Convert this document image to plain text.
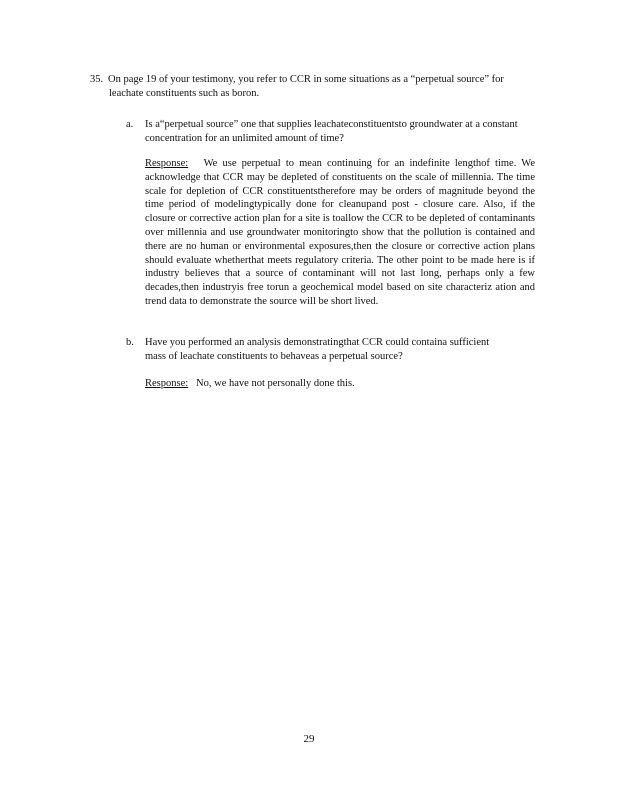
35. On page 19 of your testimony, you refer to CCR in some situations as a “perpetual source” for leachate constituents such as boron.

a. Is a“perpetual source” one that supplies leachateconstituentsto groundwater at a constant concentration for an unlimited amount of time?

Response: We use perpetual to mean continuing for an indefinite lengthof time. We acknowledge that CCR may be depleted of constituents on the scale of millennia. The time scale for depletion of CCR constituentstherefore may be orders of magnitude beyond the time period of modelingtypically done for cleanupand post - closure care. Also, if the closure or corrective action plan for a site is toallow the CCR to be depleted of contaminants over millennia and use groundwater monitoringto show that the pollution is contained and there are no human or environmental exposures,then the closure or corrective action plans should evaluate whetherthat meets regulatory criteria. The other point to be made here is if industry believes that a source of contaminant will not last long, perhaps only a few decades,then industryis free torun a geochemical model based on site characteriz ation and trend data to demonstrate the source will be short lived.

b. Have you performed an analysis demonstratingthat CCR could containa sufficient mass of leachate constituents to behaveas a perpetual source?

Response: No, we have not personally done this.

29
